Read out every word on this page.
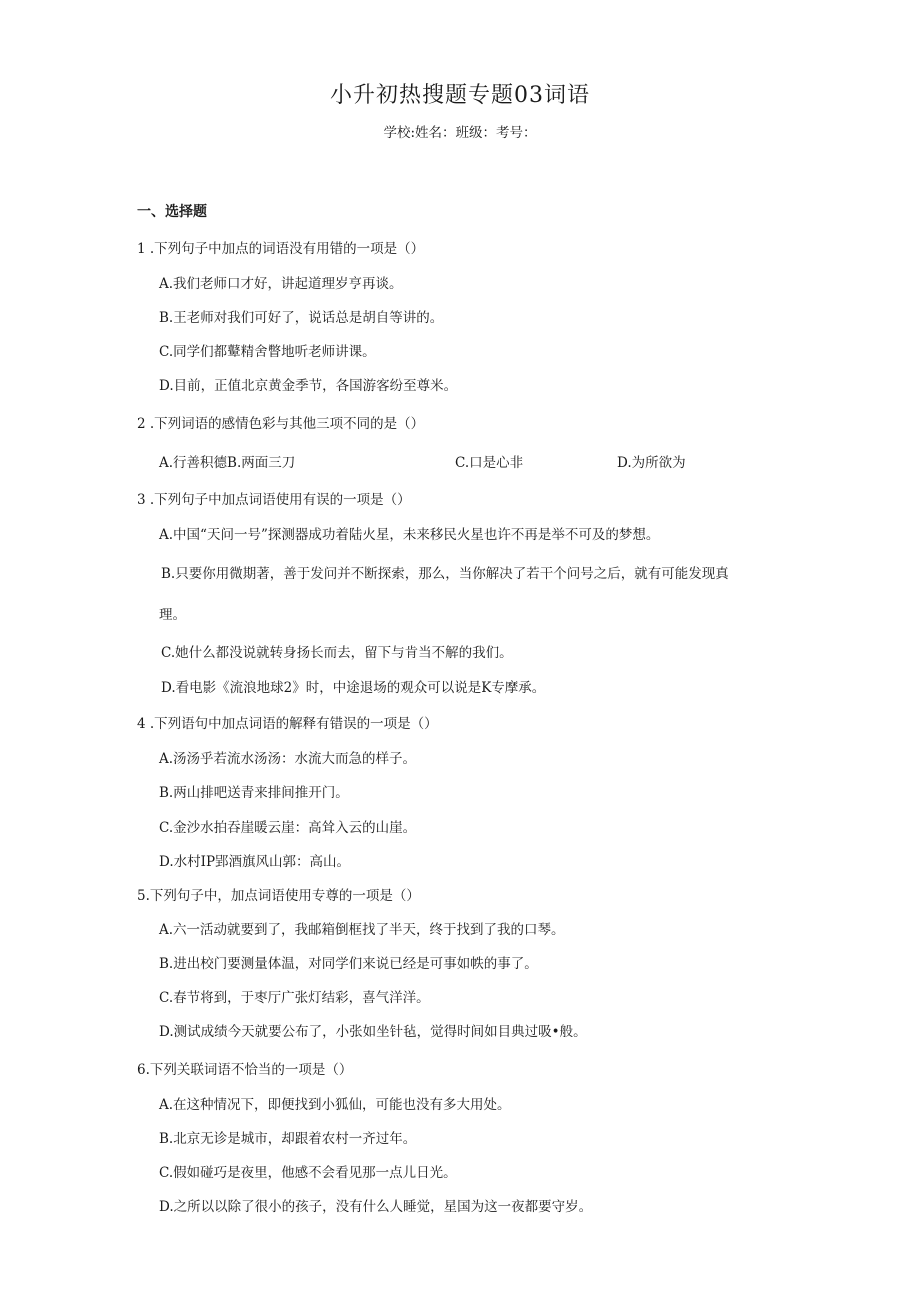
小升初热搜题专题03词语
学校:姓名：班级：考号：
一、选择题
1 .下列句子中加点的词语没有用错的一项是（）
A.我们老师口才好，讲起道理岁亨再谈。
B.王老师对我们可好了，说话总是胡自等讲的。
C.同学们都鼙精舍瞥地听老师讲课。
D.目前，正值北京黄金季节，各国游客纷至尊米。
2 .下列词语的感情色彩与其他三项不同的是（）
A.行善积德B.两面三刀	C.口是心非	D.为所欲为
3 .下列句子中加点词语使用有误的一项是（）
A.中国“天问一号”探测器成功着陆火星，未来移民火星也许不再是举不可及的梦想。
B.只要你用微期著，善于发问并不断探索，那么，当你解决了若干个问号之后，就有可能发现真
理。
C.她什么都没说就转身扬长而去，留下与肯当不解的我们。
D.看电影《流浪地球2》时，中途退场的观众可以说是K专摩承。
4 .下列语句中加点词语的解释有错误的一项是（）
A.汤汤乎若流水汤汤：水流大而急的样子。
B.两山排吧送青来排间推开门。
C.金沙水拍吞崖暖云崖：高耸入云的山崖。
D.水村IP郢酒旗风山郭：高山。
5.下列句子中，加点词语使用专尊的一项是（）
A.六一活动就要到了，我邮箱倒框找了半天，终于找到了我的口琴。
B.进出校门要测量体温，对同学们来说已经是可事如帙的事了。
C.春节将到，于枣厅广张灯结彩，喜气洋洋。
D.测试成绩今天就要公布了，小张如坐针毡，觉得时间如目典过吸•般。
6.下列关联词语不恰当的一项是（）
A.在这种情况下，即便找到小狐仙，可能也没有多大用处。
B.北京无诊是城市，却跟着农村一齐过年。
C.假如碰巧是夜里，他感不会看见那一点儿日光。
D.之所以以除了很小的孩子，没有什么人睡觉，星国为这一夜都要守岁。
